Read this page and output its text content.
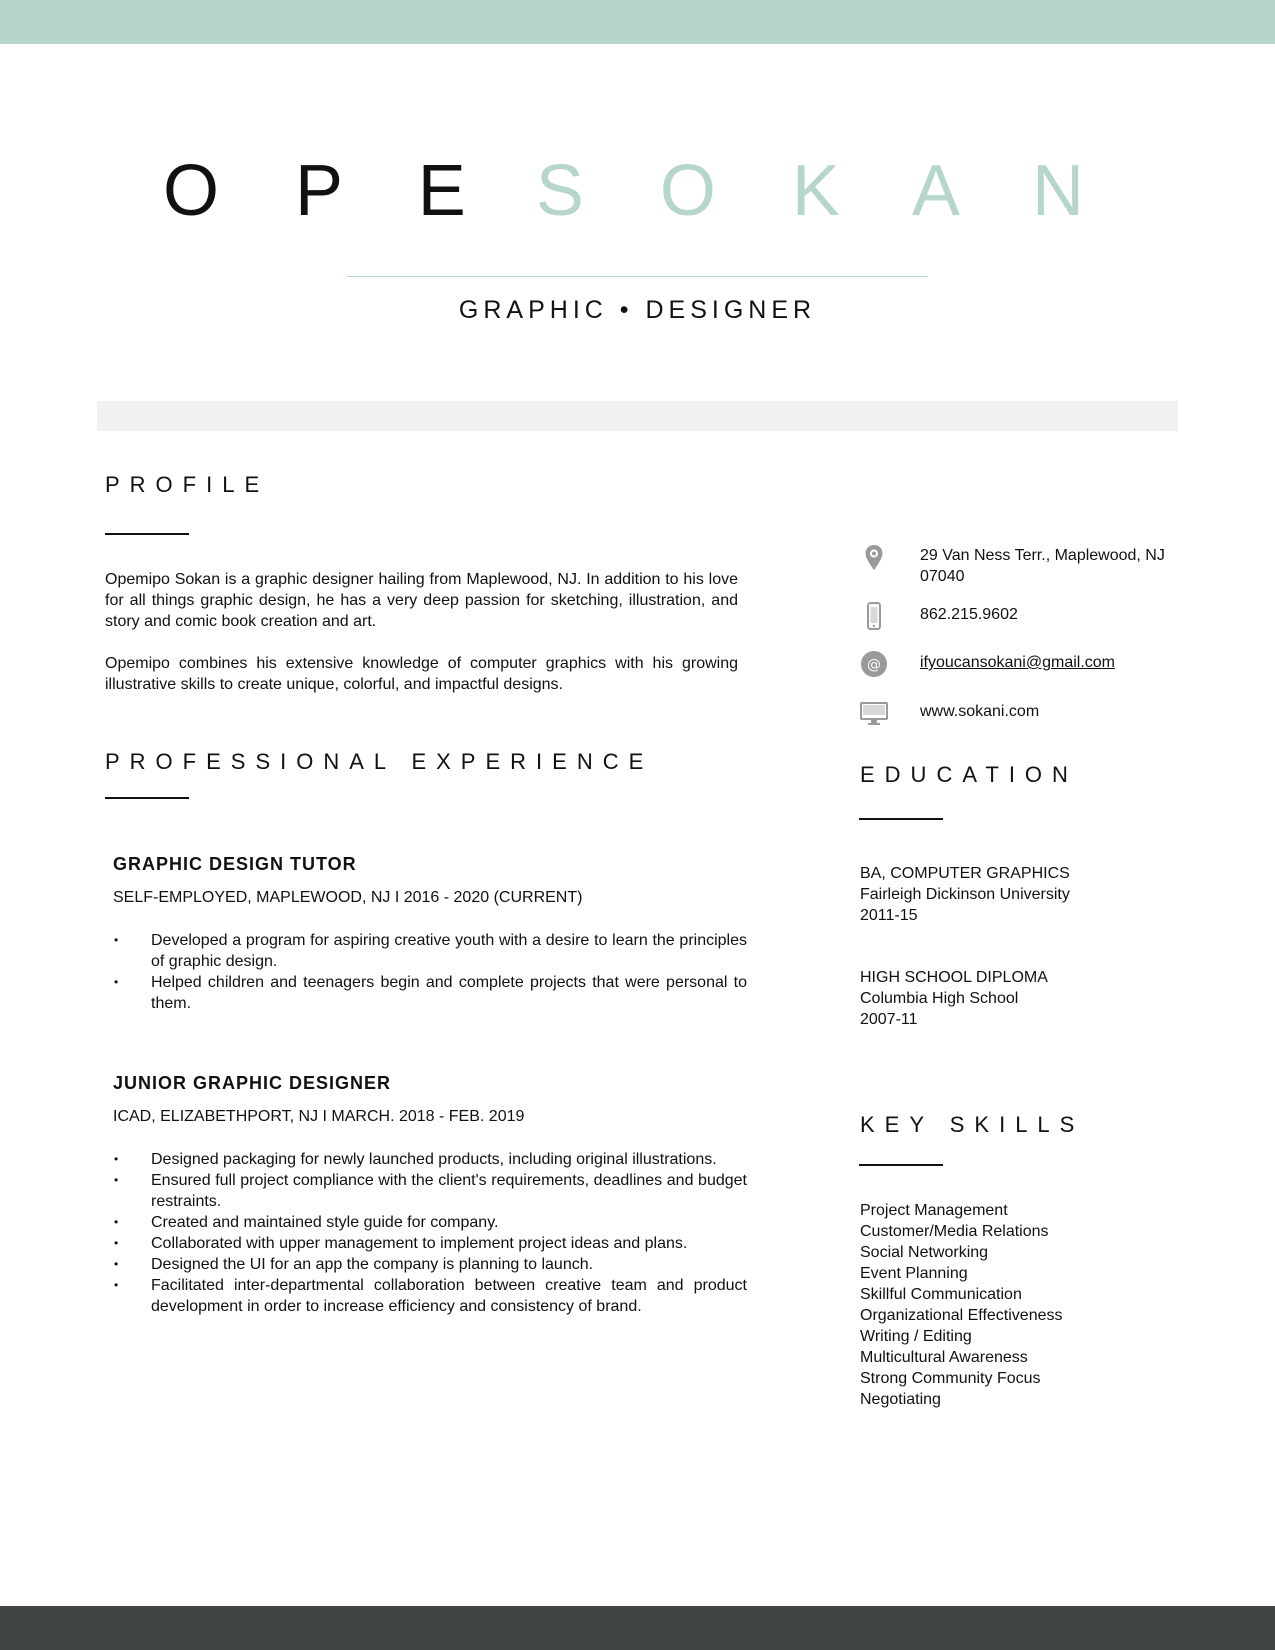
O P E S O K A N
GRAPHIC • DESIGNER
PROFILE
Opemipo Sokan is a graphic designer hailing from Maplewood, NJ. In addition to his love for all things graphic design, he has a very deep passion for sketching, illustration, and story and comic book creation and art.
Opemipo combines his extensive knowledge of computer graphics with his growing illustrative skills to create unique, colorful, and impactful designs.
PROFESSIONAL EXPERIENCE
GRAPHIC DESIGN TUTOR
SELF-EMPLOYED, MAPLEWOOD, NJ I 2016 - 2020 (CURRENT)
• Developed a program for aspiring creative youth with a desire to learn the principles of graphic design.
• Helped children and teenagers begin and complete projects that were personal to them.
JUNIOR GRAPHIC DESIGNER
ICAD, ELIZABETHPORT, NJ I MARCH. 2018 - FEB. 2019
• Designed packaging for newly launched products, including original illustrations.
• Ensured full project compliance with the client's requirements, deadlines and budget restraints.
• Created and maintained style guide for company.
• Collaborated with upper management to implement project ideas and plans.
• Designed the UI for an app the company is planning to launch.
• Facilitated inter-departmental collaboration between creative team and product development in order to increase efficiency and consistency of brand.
29 Van Ness Terr., Maplewood, NJ 07040
862.215.9602
@ ifyoucansokani@gmail.com
www.sokani.com
EDUCATION
BA, COMPUTER GRAPHICS
Fairleigh Dickinson University
2011-15
HIGH SCHOOL DIPLOMA
Columbia High School
2007-11
KEY SKILLS
Project Management
Customer/Media Relations
Social Networking
Event Planning
Skillful Communication
Organizational Effectiveness
Writing / Editing
Multicultural Awareness
Strong Community Focus
Negotiating
